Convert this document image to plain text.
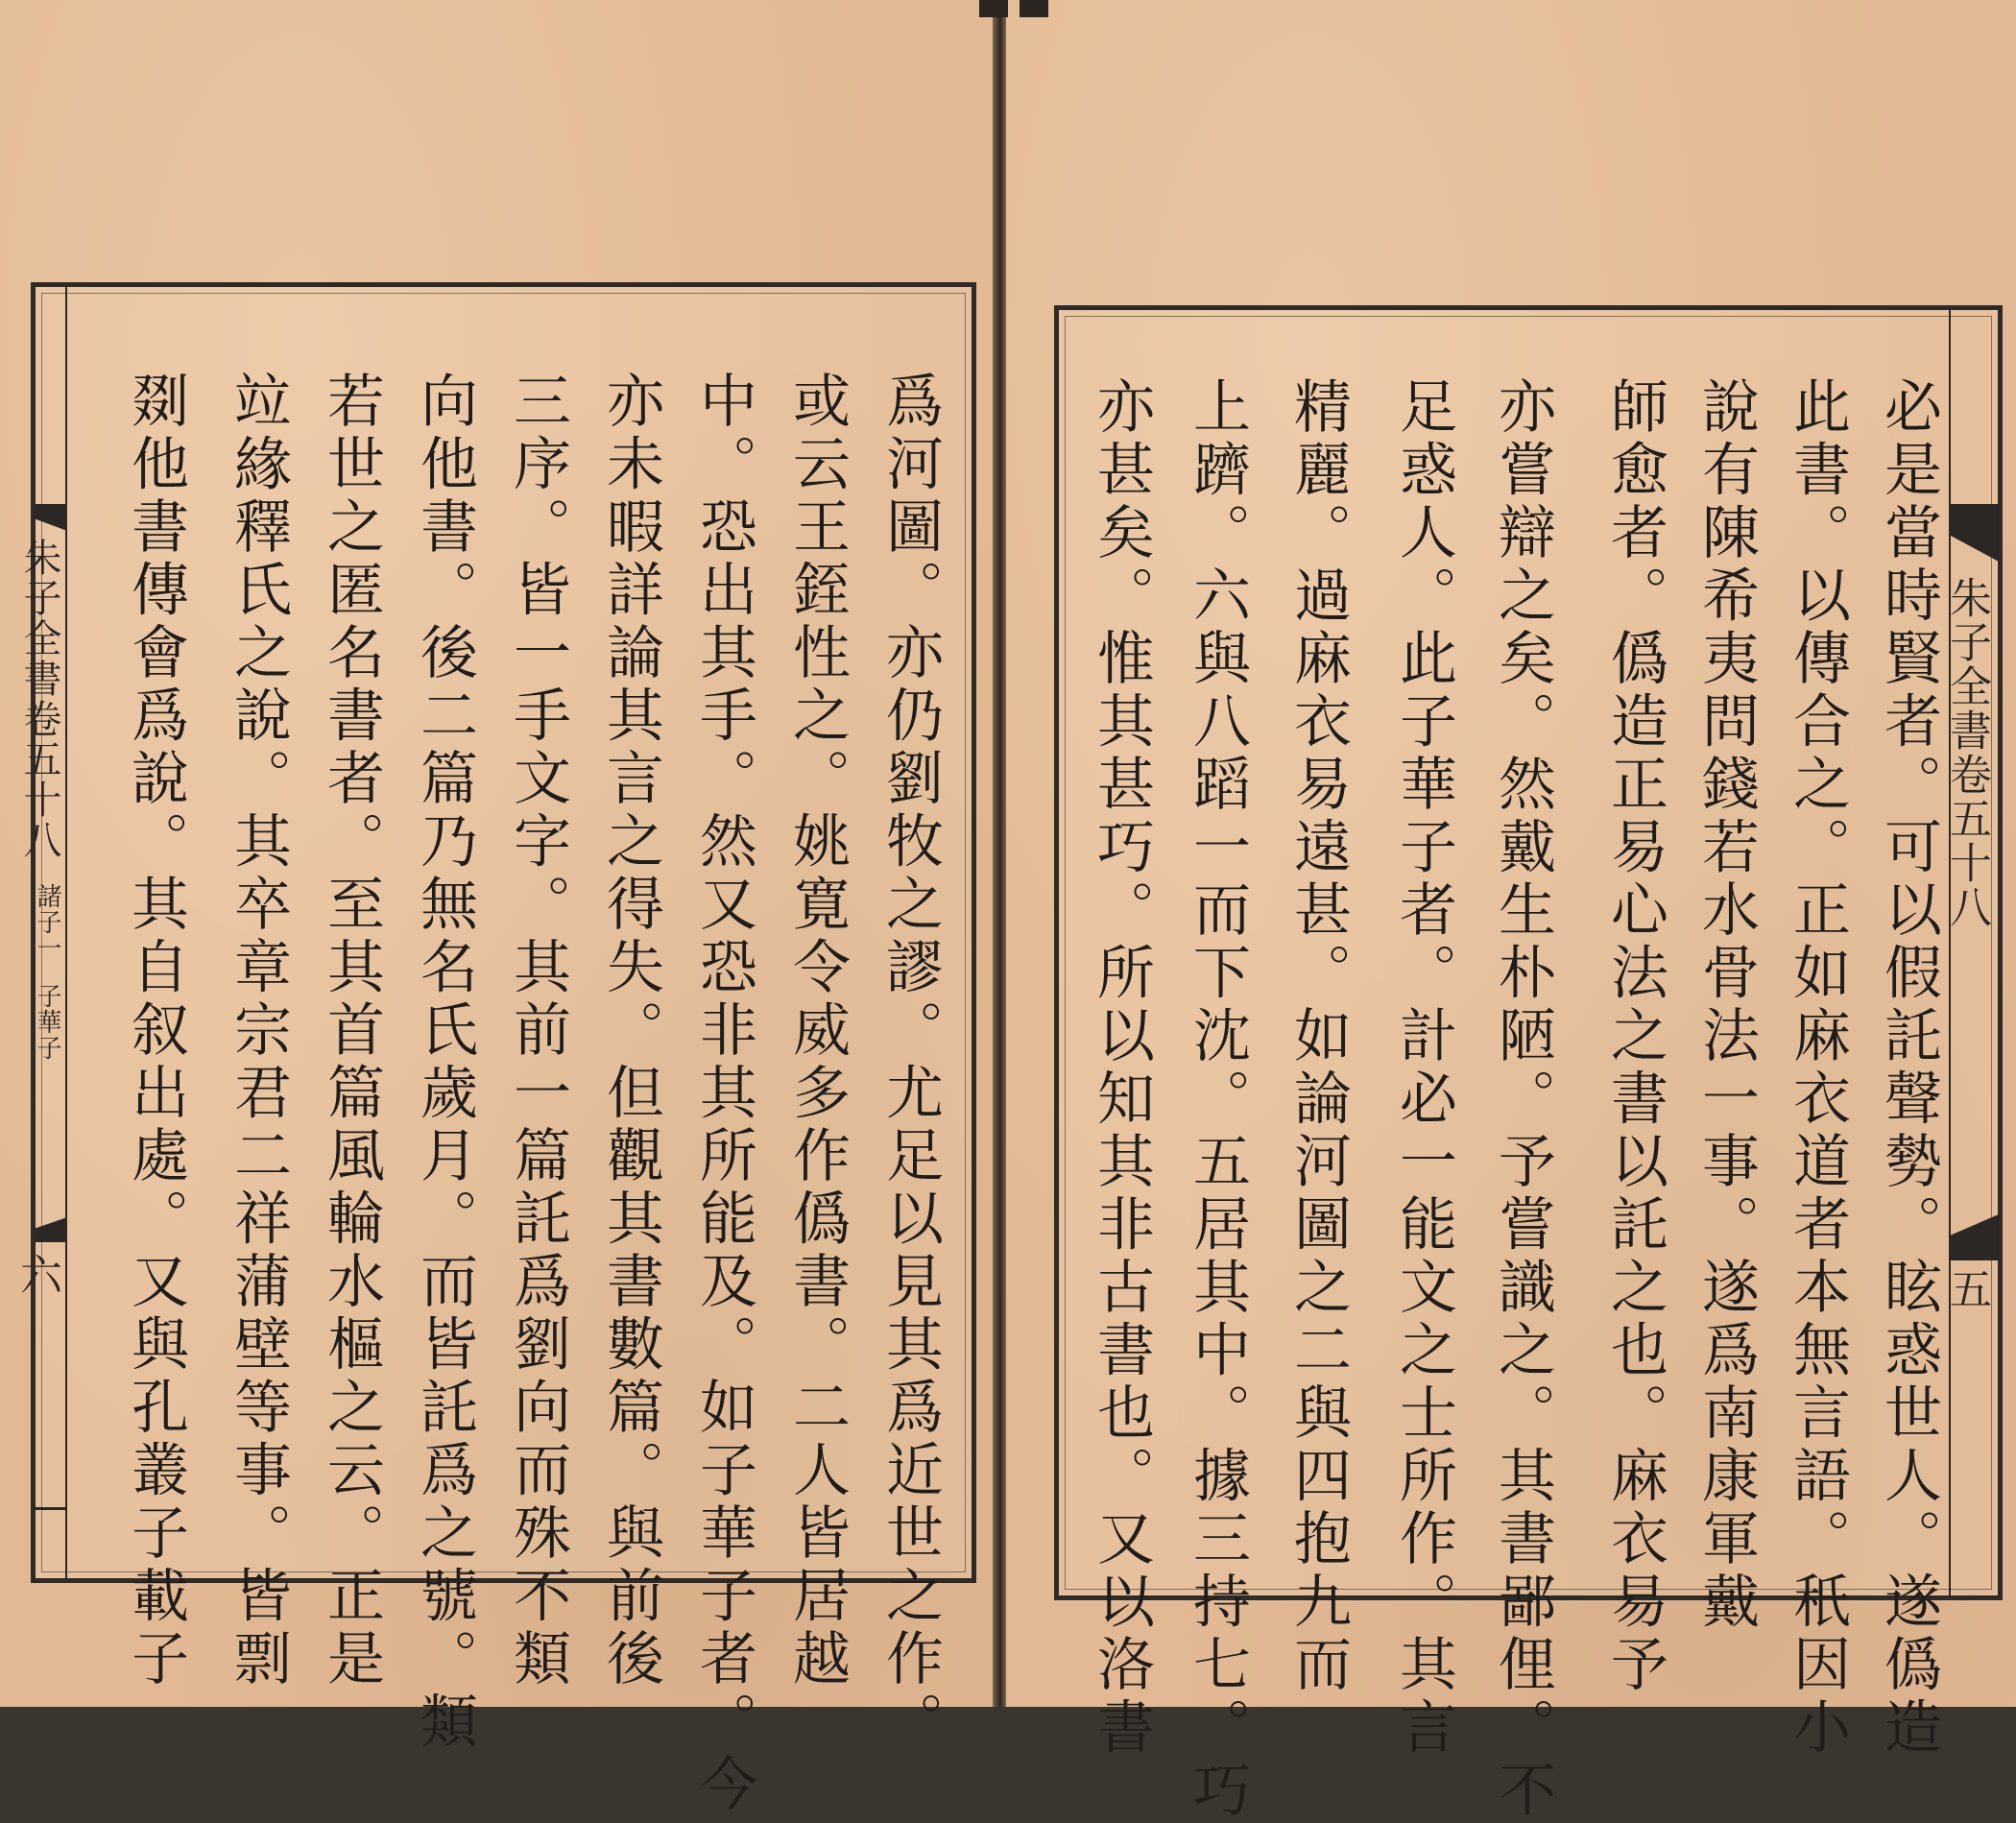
朱子全書卷五十八
諸子一
子華子
六	爲河圖。亦仍劉牧之謬。尤足以見其爲近世之作。
或云王銍性之。姚寛令威多作僞書。二人皆居越
中。恐出其手。然又恐非其所能及。如子華子者。今
亦未暇詳論其言之得失。但觀其書數篇。與前後
三序。皆一手文字。其前一篇託爲劉向而殊不類
向他書。後二篇乃無名氏歲月。而皆託爲之號。類
若世之匿名書者。至其首篇風輪水樞之云。正是
竝緣釋氏之說。其卒章宗君二祥蒲壁等事。皆剽
剟他書傳會爲說。其自叙出處。又與孔叢子載子	朱子全書卷五十八
五
必是當時賢者。可以假託聲勢。眩惑世人。遂僞造
此書。以傳合之。正如麻衣道者本無言語。秖因小
說有陳希夷問錢若水骨法一事。遂爲南康軍戴
師愈者。僞造正易心法之書以託之也。麻衣易予
亦嘗辯之矣。然戴生朴陋。予嘗識之。其書鄙俚。不
足惑人。此子華子者。計必一能文之士所作。其言
精麗。過麻衣易遠甚。如論河圖之二與四抱九而
上躋。六與八蹈一而下沈。五居其中。據三持七。巧
亦甚矣。惟其甚巧。所以知其非古書也。又以洛書
